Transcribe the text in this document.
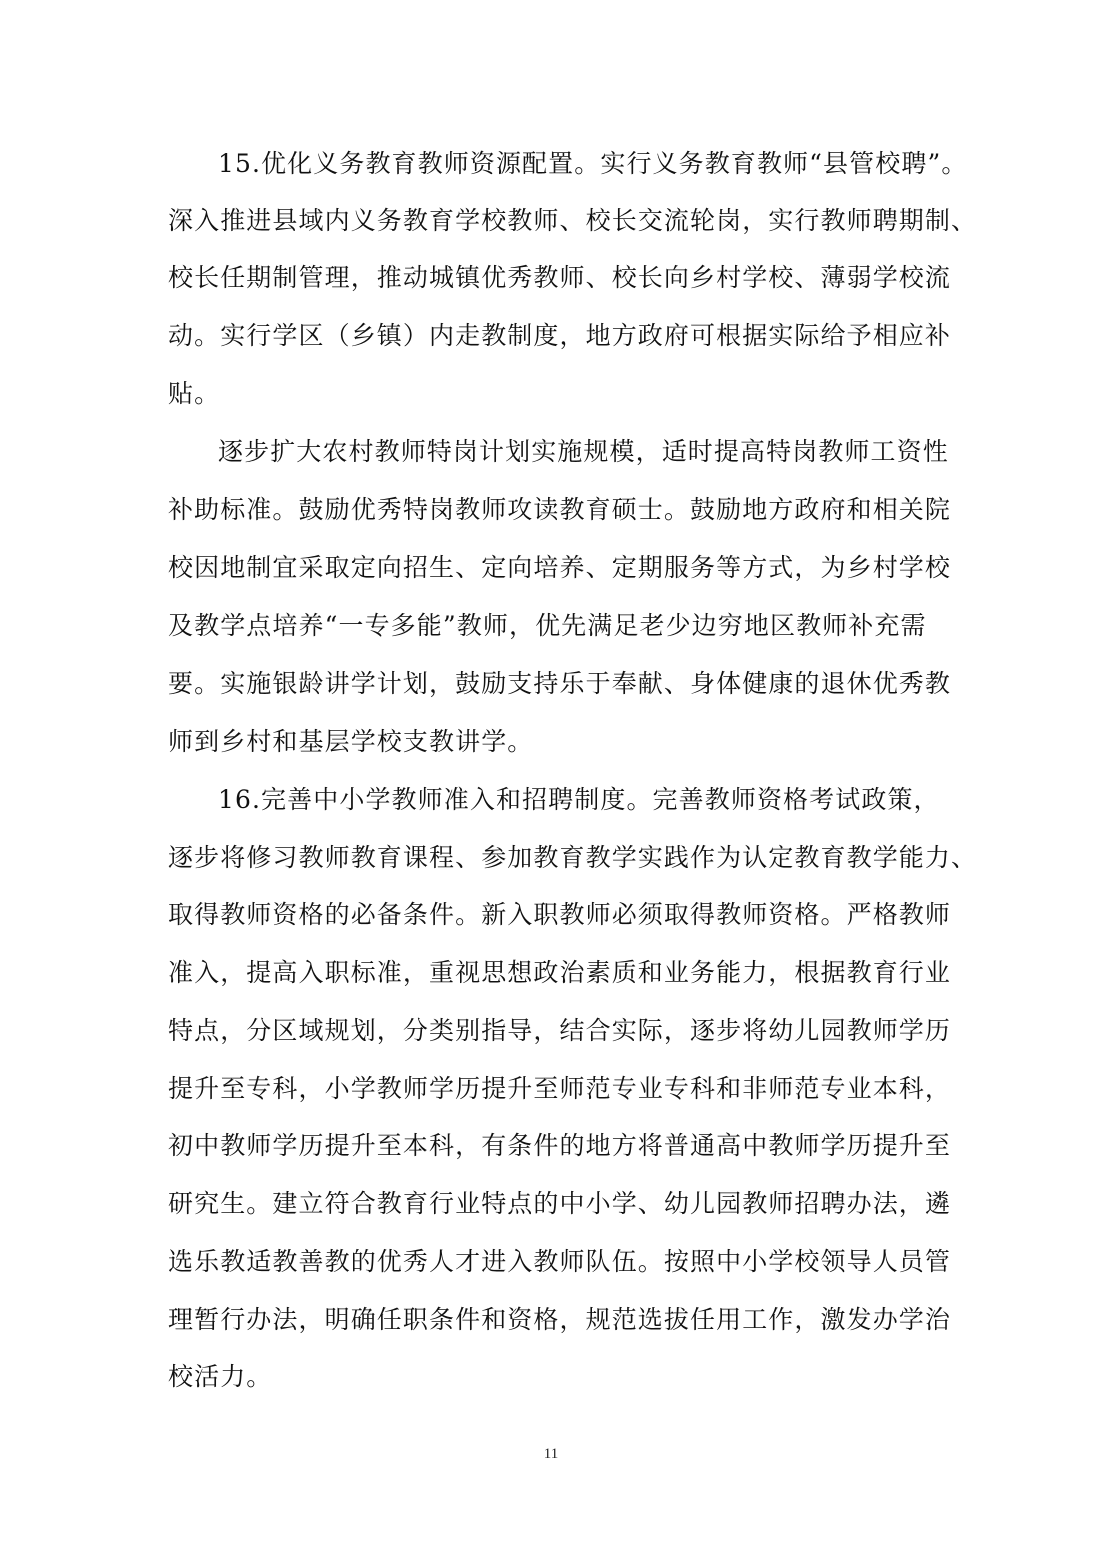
15.优化义务教育教师资源配置。实行义务教育教师“县管校聘”。

深入推进县域内义务教育学校教师、校长交流轮岗，实行教师聘期制、

校长任期制管理，推动城镇优秀教师、校长向乡村学校、薄弱学校流

动。实行学区（乡镇）内走教制度，地方政府可根据实际给予相应补

贴。

逐步扩大农村教师特岗计划实施规模，适时提高特岗教师工资性

补助标准。鼓励优秀特岗教师攻读教育硕士。鼓励地方政府和相关院

校因地制宜采取定向招生、定向培养、定期服务等方式，为乡村学校

及教学点培养“一专多能”教师，优先满足老少边穷地区教师补充需

要。实施银龄讲学计划，鼓励支持乐于奉献、身体健康的退休优秀教

师到乡村和基层学校支教讲学。

16.完善中小学教师准入和招聘制度。完善教师资格考试政策，

逐步将修习教师教育课程、参加教育教学实践作为认定教育教学能力、

取得教师资格的必备条件。新入职教师必须取得教师资格。严格教师

准入，提高入职标准，重视思想政治素质和业务能力，根据教育行业

特点，分区域规划，分类别指导，结合实际，逐步将幼儿园教师学历

提升至专科，小学教师学历提升至师范专业专科和非师范专业本科，

初中教师学历提升至本科，有条件的地方将普通高中教师学历提升至

研究生。建立符合教育行业特点的中小学、幼儿园教师招聘办法，遴

选乐教适教善教的优秀人才进入教师队伍。按照中小学校领导人员管

理暂行办法，明确任职条件和资格，规范选拔任用工作，激发办学治

校活力。

11
